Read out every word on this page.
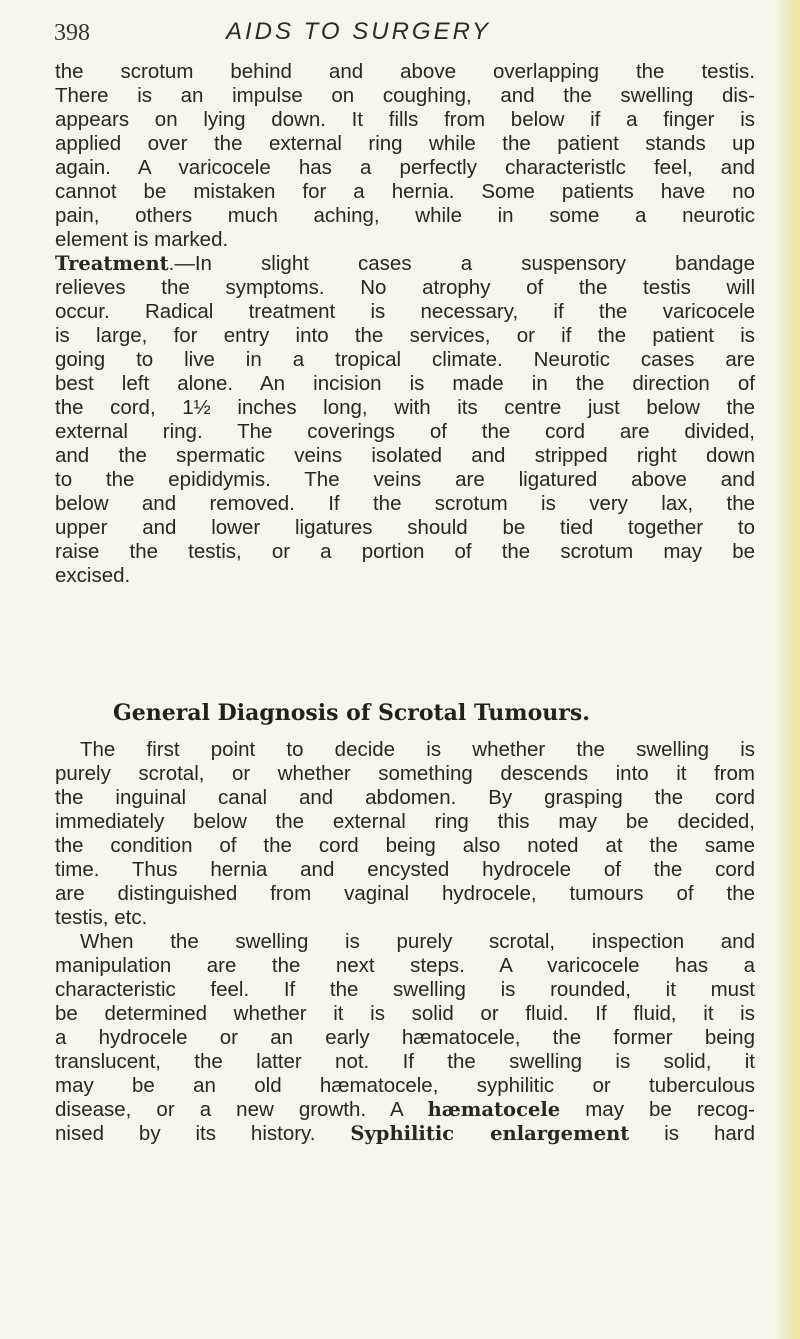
398	AIDS TO SURGERY
the scrotum behind and above overlapping the testis.
There is an impulse on coughing, and the swelling dis-
appears on lying down. It fills from below if a finger is
applied over the external ring while the patient stands up
again. A varicocele has a perfectly characteristlc feel, and
cannot be mistaken for a hernia. Some patients have no
pain, others much aching, while in some a neurotic
element is marked.
Treatment.—In slight cases a suspensory bandage
relieves the symptoms. No atrophy of the testis will
occur. Radical treatment is necessary, if the varicocele
is large, for entry into the services, or if the patient is
going to live in a tropical climate. Neurotic cases are
best left alone. An incision is made in the direction of
the cord, 1½ inches long, with its centre just below the
external ring. The coverings of the cord are divided,
and the spermatic veins isolated and stripped right down
to the epididymis. The veins are ligatured above and
below and removed. If the scrotum is very lax, the
upper and lower ligatures should be tied together to
raise the testis, or a portion of the scrotum may be
excised.
General Diagnosis of Scrotal Tumours.
The first point to decide is whether the swelling is
purely scrotal, or whether something descends into it from
the inguinal canal and abdomen. By grasping the cord
immediately below the external ring this may be decided,
the condition of the cord being also noted at the same
time. Thus hernia and encysted hydrocele of the cord
are distinguished from vaginal hydrocele, tumours of the
testis, etc.
When the swelling is purely scrotal, inspection and
manipulation are the next steps. A varicocele has a
characteristic feel. If the swelling is rounded, it must
be determined whether it is solid or fluid. If fluid, it is
a hydrocele or an early hæmatocele, the former being
translucent, the latter not. If the swelling is solid, it
may be an old hæmatocele, syphilitic or tuberculous
disease, or a new growth. A hæmatocele may be recog-
nised by its history. Syphilitic enlargement is hard
